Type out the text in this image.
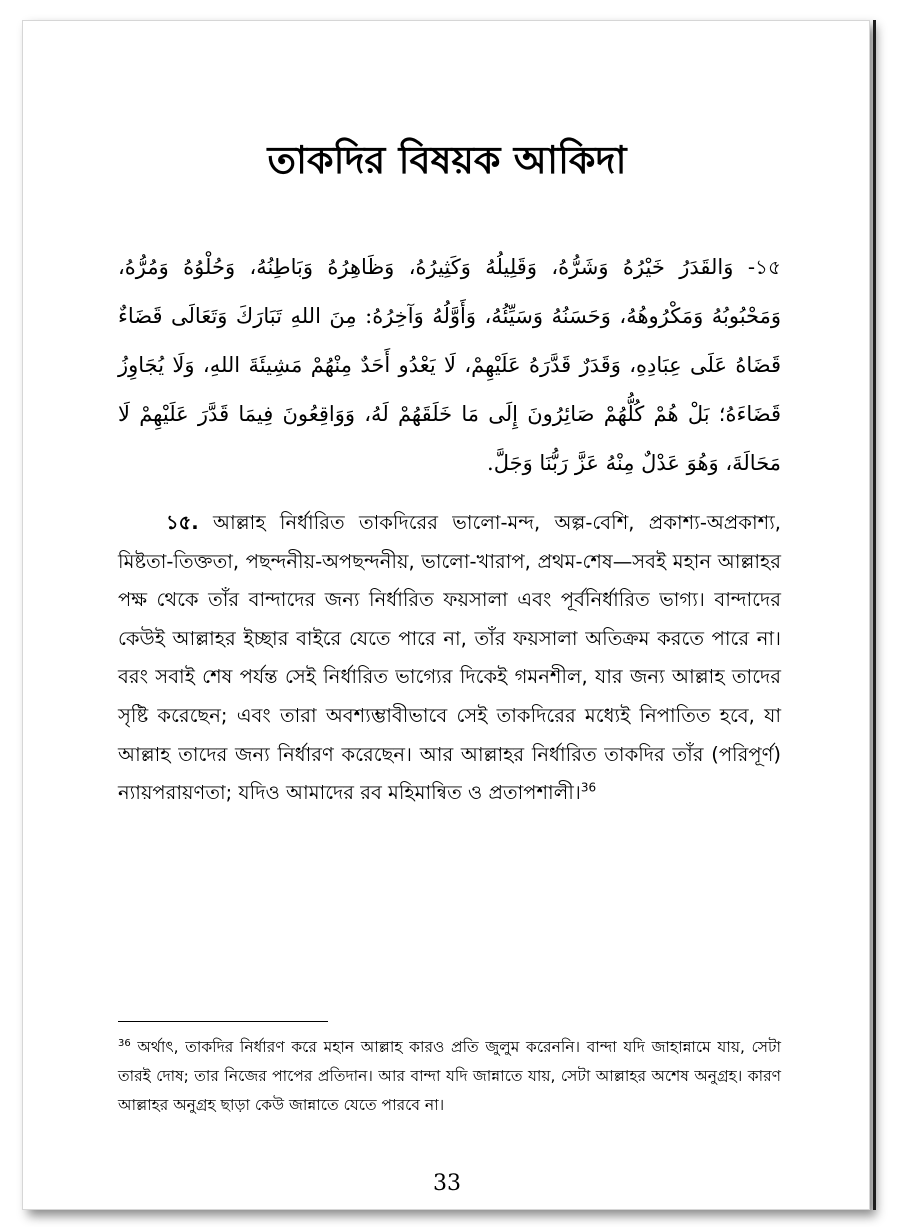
তাকদির বিষয়ক আকিদা

১৫- وَالقَدَرُ خَيْرُهُ وَشَرُّهُ، وَقَلِيلُهُ وَكَثِيرُهُ، وَظَاهِرُهُ وَبَاطِنُهُ، وَحُلْوُهُ وَمُرُّهُ، وَمَحْبُوبُهُ وَمَكْرُوهُهُ، وَحَسَنُهُ وَسَيِّئُهُ، وَأَوَّلُهُ وَآخِرُهُ: مِنَ اللهِ تَبَارَكَ وَتَعَالَى قَضَاءٌ قَضَاهُ عَلَى عِبَادِهِ، وَقَدَرٌ قَدَّرَهُ عَلَيْهِمْ، لَا يَعْدُو أَحَدٌ مِنْهُمْ مَشِيئَةَ اللهِ، وَلَا يُجَاوِزُ قَضَاءَهُ؛ بَلْ هُمْ كُلُّهُمْ صَائِرُونَ إِلَى مَا خَلَقَهُمْ لَهُ، وَوَاقِعُونَ فِيمَا قَدَّرَ عَلَيْهِمْ لَا مَحَالَةَ، وَهُوَ عَدْلٌ مِنْهُ عَزَّ رَبُّنَا وَجَلَّ.

১৫. আল্লাহ নির্ধারিত তাকদিরের ভালো-মন্দ, অল্প-বেশি, প্রকাশ্য-অপ্রকাশ্য, মিষ্টতা-তিক্ততা, পছন্দনীয়-অপছন্দনীয়, ভালো-খারাপ, প্রথম-শেষ—সবই মহান আল্লাহর পক্ষ থেকে তাঁর বান্দাদের জন্য নির্ধারিত ফয়সালা এবং পূর্বনির্ধারিত ভাগ্য। বান্দাদের কেউই আল্লাহর ইচ্ছার বাইরে যেতে পারে না, তাঁর ফয়সালা অতিক্রম করতে পারে না। বরং সবাই শেষ পর্যন্ত সেই নির্ধারিত ভাগ্যের দিকেই গমনশীল, যার জন্য আল্লাহ তাদের সৃষ্টি করেছেন; এবং তারা অবশ্যম্ভাবীভাবে সেই তাকদিরের মধ্যেই নিপাতিত হবে, যা আল্লাহ তাদের জন্য নির্ধারণ করেছেন। আর আল্লাহর নির্ধারিত তাকদির তাঁর (পরিপূর্ণ) ন্যায়পরায়ণতা; যদিও আমাদের রব মহিমান্বিত ও প্রতাপশালী।$^{36}$

$^{36}$ অর্থাৎ, তাকদির নির্ধারণ করে মহান আল্লাহ কারও প্রতি জুলুম করেননি। বান্দা যদি জাহান্নামে যায়, সেটা তারই দোষ; তার নিজের পাপের প্রতিদান। আর বান্দা যদি জান্নাতে যায়, সেটা আল্লাহর অশেষ অনুগ্রহ। কারণ আল্লাহর অনুগ্রহ ছাড়া কেউ জান্নাতে যেতে পারবে না।

33
